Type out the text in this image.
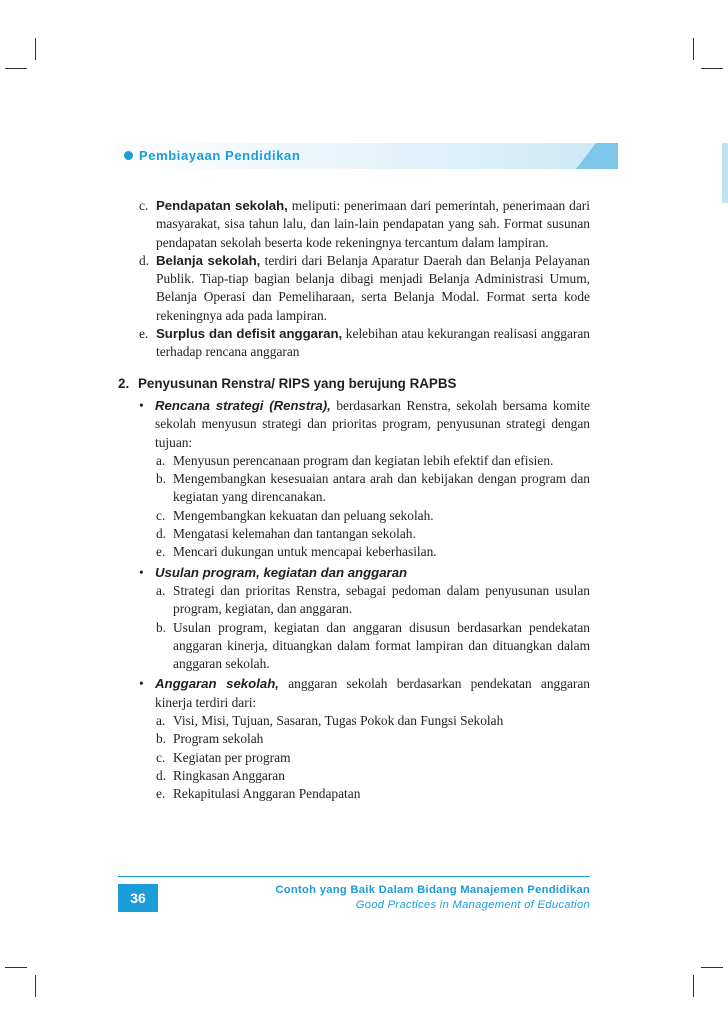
Pembiayaan Pendidikan
c. Pendapatan sekolah, meliputi: penerimaan dari pemerintah, penerimaan dari masyarakat, sisa tahun lalu, dan lain-lain pendapatan yang sah. Format susunan pendapatan sekolah beserta kode rekeningnya tercantum dalam lampiran.
d. Belanja sekolah, terdiri dari Belanja Aparatur Daerah dan Belanja Pelayanan Publik. Tiap-tiap bagian belanja dibagi menjadi Belanja Administrasi Umum, Belanja Operasi dan Pemeliharaan, serta Belanja Modal. Format serta kode rekeningnya ada pada lampiran.
e. Surplus dan defisit anggaran, kelebihan atau kekurangan realisasi anggaran terhadap rencana anggaran
2. Penyusunan Renstra/ RIPS yang berujung RAPBS
• Rencana strategi (Renstra), berdasarkan Renstra, sekolah bersama komite sekolah menyusun strategi dan prioritas program, penyusunan strategi dengan tujuan:
a. Menyusun perencanaan program dan kegiatan lebih efektif dan efisien.
b. Mengembangkan kesesuaian antara arah dan kebijakan dengan program dan kegiatan yang direncanakan.
c. Mengembangkan kekuatan dan peluang sekolah.
d. Mengatasi kelemahan dan tantangan sekolah.
e. Mencari dukungan untuk mencapai keberhasilan.
• Usulan program, kegiatan dan anggaran
a. Strategi dan prioritas Renstra, sebagai pedoman dalam penyusunan usulan program, kegiatan, dan anggaran.
b. Usulan program, kegiatan dan anggaran disusun berdasarkan pendekatan anggaran kinerja, dituangkan dalam format lampiran dan dituangkan dalam anggaran sekolah.
• Anggaran sekolah, anggaran sekolah berdasarkan pendekatan anggaran kinerja terdiri dari:
a. Visi, Misi, Tujuan, Sasaran, Tugas Pokok dan Fungsi Sekolah
b. Program sekolah
c. Kegiatan per program
d. Ringkasan Anggaran
e. Rekapitulasi Anggaran Pendapatan
36	Contoh yang Baik Dalam Bidang Manajemen Pendidikan
Good Practices in Management of Education
